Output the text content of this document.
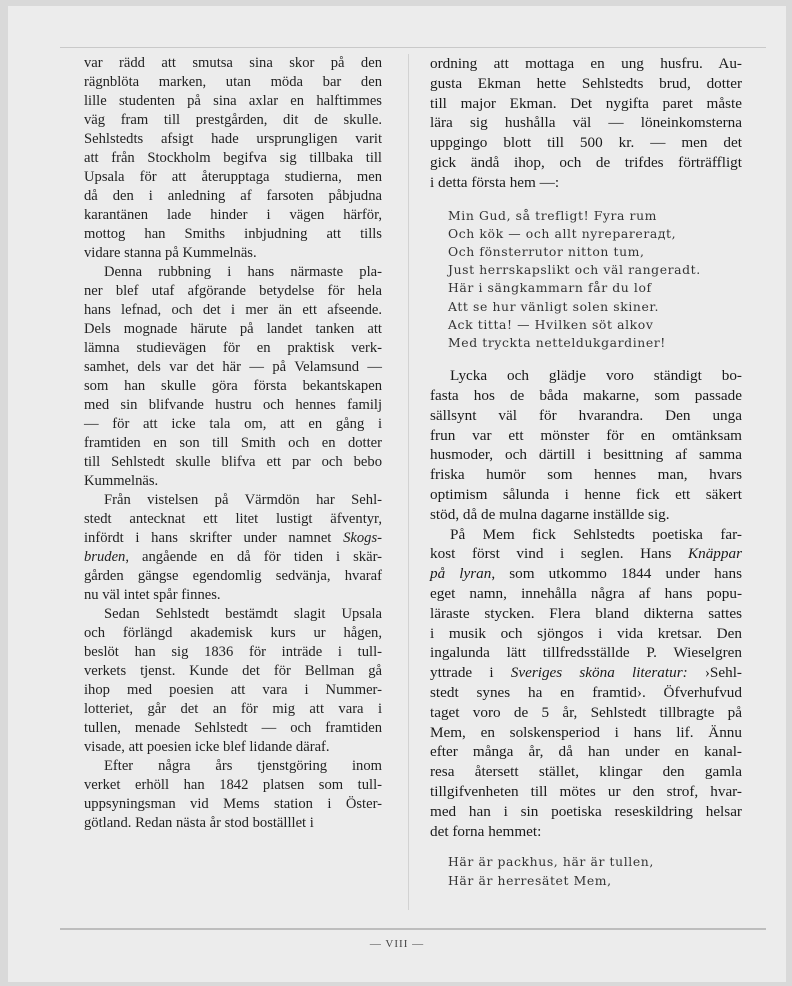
var rädd att smutsa sina skor på den
rägnblöta marken, utan möda bar den
lille studenten på sina axlar en halftimmes
väg fram till prestgården, dit de skulle.
Sehlstedts afsigt hade ursprungligen varit
att från Stockholm begifva sig tillbaka till
Upsala för att återupptaga studierna, men
då den i anledning af farsoten påbjudna
karantänen lade hinder i vägen härför,
mottog han Smiths inbjudning att tills
vidare stanna på Kummelnäs.

Denna rubbning i hans närmaste pla-
ner blef utaf afgörande betydelse för hela
hans lefnad, och det i mer än ett afseende.
Dels mognade härute på landet tanken att
lämna studievägen för en praktisk verk-
samhet, dels var det här — på Velamsund —
som han skulle göra första bekantskapen
med sin blifvande hustru och hennes familj
— för att icke tala om, att en gång i
framtiden en son till Smith och en dotter
till Sehlstedt skulle blifva ett par och bebo
Kummelnäs.

Från vistelsen på Värmdön har Sehl-
stedt antecknat ett litet lustigt äfventyr,
infördt i hans skrifter under namnet Skogs-
bruden, angående en då för tiden i skär-
gården gängse egendomlig sedvänja, hvaraf
nu väl intet spår finnes.

Sedan Sehlstedt bestämdt slagit Upsala
och förlängd akademisk kurs ur hågen,
beslöt han sig 1836 för inträde i tull-
verkets tjenst. Kunde det för Bellman gå
ihop med poesien att vara i Nummer-
lotteriet, går det an för mig att vara i
tullen, menade Sehlstedt — och framtiden
visade, att poesien icke blef lidande däraf.

Efter några års tjenstgöring inom
verket erhöll han 1842 platsen som tull-
uppsyningsman vid Mems station i Öster-
götland. Redan nästa år stod boställlet i

ordning att mottaga en ung husfru. Au-
gusta Ekman hette Sehlstedts brud, dotter
till major Ekman. Det nygifta paret måste
lära sig hushålla väl — löneinkomsterna
uppgingo blott till 500 kr. — men det
gick ändå ihop, och de trifdes förträffligt
i detta första hem —:

Min Gud, så trefligt! Fyra rum
Och kök — och allt nyreparerадt,
Och fönsterrutor nitton tum,
Just herrskapslikt och väl rangeradt.
Här i sängkammarn får du lof
Att se hur vänligt solen skiner.
Ack titta! — Hvilken söt alkov
Med tryckta netteldukgardiner!

Lycka och glädje voro ständigt bo-
fasta hos de båda makarne, som passade
sällsynt väl för hvarandra. Den unga
frun var ett mönster för en omtänksam
husmoder, och därtill i besittning af samma
friska humör som hennes man, hvars
optimism sålunda i henne fick ett säkert
stöd, då de mulna dagarne inställde sig.

På Mem fick Sehlstedts poetiska far-
kost först vind i seglen. Hans Knäppar
på lyran, som utkommo 1844 under hans
eget namn, innehålla några af hans popu-
läraste stycken. Flera bland dikterna sattes
i musik och sjöngos i vida kretsar. Den
ingalunda lätt tillfredsställde P. Wieselgren
yttrade i Sveriges sköna literatur: ›Sehl-
stedt synes ha en framtid›. Öfverhufvud
taget voro de 5 år, Sehlstedt tillbragte på
Mem, en solskensperiod i hans lif. Ännu
efter många år, då han under en kanal-
resa återsett stället, klingar den gamla
tillgifvenheten till mötes ur den strof, hvar-
med han i sin poetiska reseskildring helsar
det forna hemmet:

Här är packhus, här är tullen,
Här är herresätet Mem,
— VIII —
